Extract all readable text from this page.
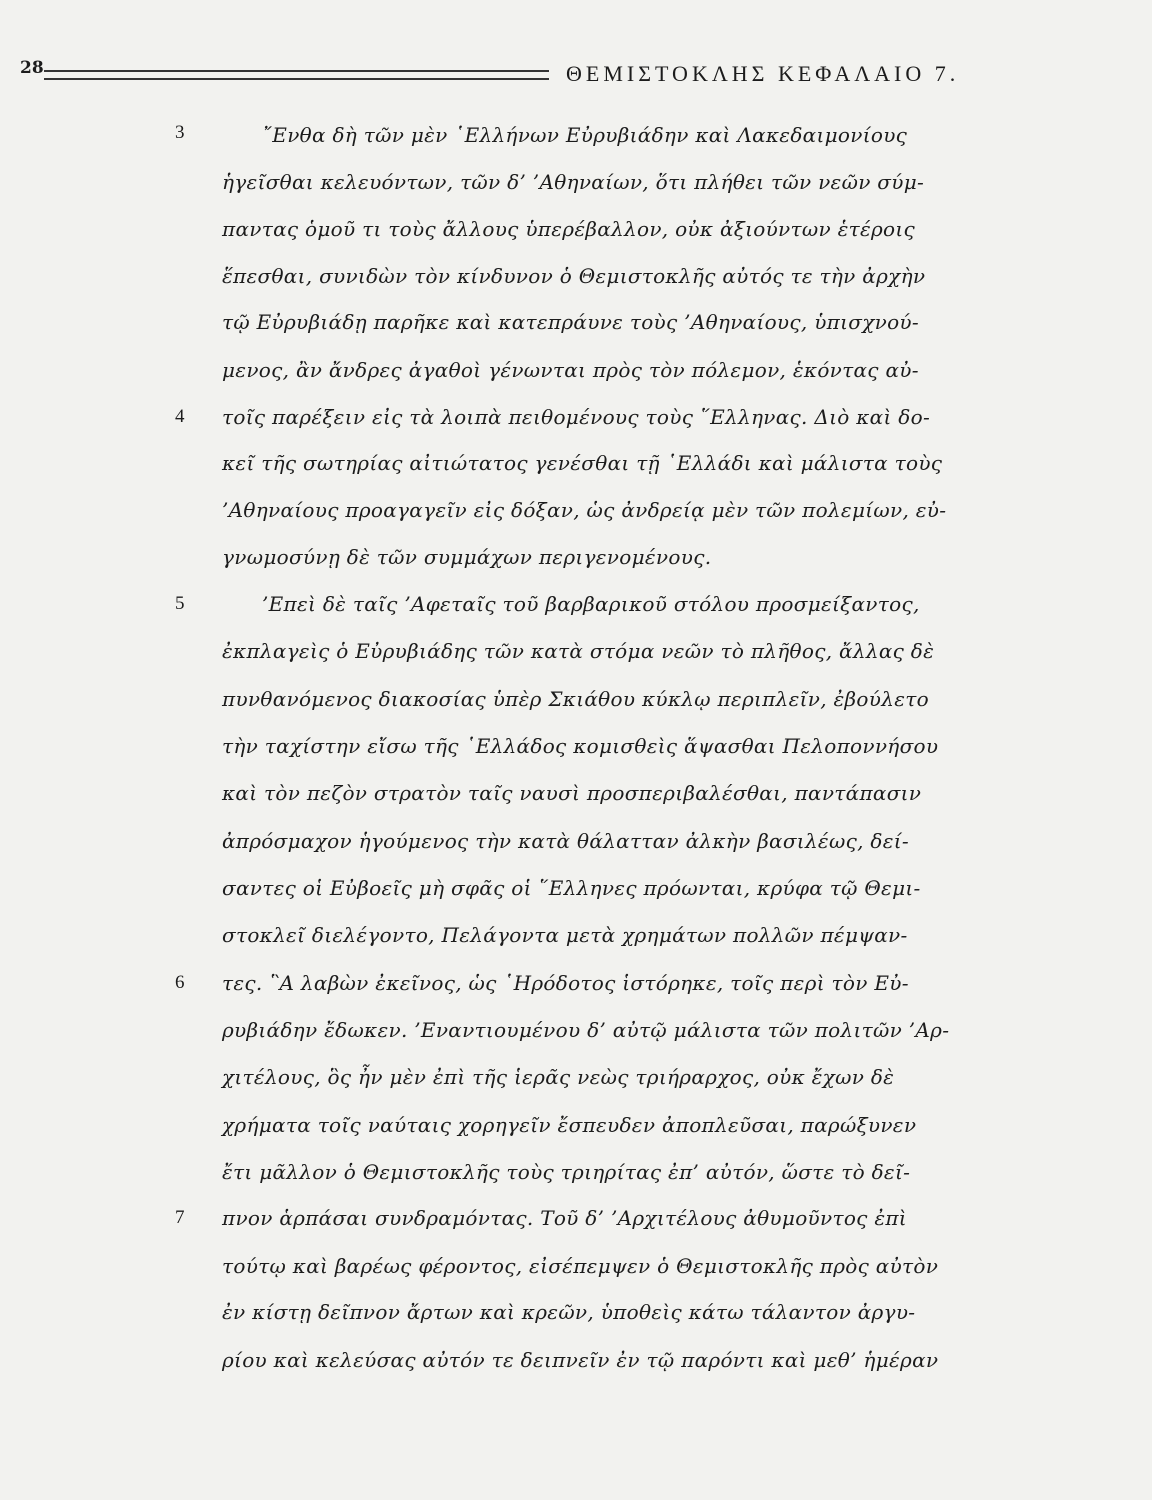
28	ΘΕΜΙΣΤΟΚΛΗΣ ΚΕΦΑΛΑΙΟ 7.
3
4
5
6
7
῎Ενθα δὴ τῶν μὲν ῾Ελλήνων Εὐρυβιάδην καὶ Λακεδαιμονίους
ἡγεῖσθαι κελευόντων, τῶν δ’ ’Αθηναίων, ὅτι πλήθει τῶν νεῶν σύμ-
παντας ὁμοῦ τι τοὺς ἄλλους ὑπερέβαλλον, οὐκ ἀξιούντων ἑτέροις
ἕπεσθαι, συνιδὼν τὸν κίνδυνον ὁ Θεμιστοκλῆς αὐτός τε τὴν ἀρχὴν
τῷ Εὐρυβιάδῃ παρῆκε καὶ κατεπράυνε τοὺς ’Αθηναίους, ὑπισχνού-
μενος, ἂν ἄνδρες ἀγαθοὶ γένωνται πρὸς τὸν πόλεμον, ἑκόντας αὐ-
τοῖς παρέξειν εἰς τὰ λοιπὰ πειθομένους τοὺς ῞Ελληνας. Διὸ καὶ δο-
κεῖ τῆς σωτηρίας αἰτιώτατος γενέσθαι τῇ ῾Ελλάδι καὶ μάλιστα τοὺς
’Αθηναίους προαγαγεῖν εἰς δόξαν, ὡς ἀνδρείᾳ μὲν τῶν πολεμίων, εὐ-
γνωμοσύνῃ δὲ τῶν συμμάχων περιγενομένους.
’Επεὶ δὲ ταῖς ’Αφεταῖς τοῦ βαρβαρικοῦ στόλου προσμείξαντος,
ἐκπλαγεὶς ὁ Εὐρυβιάδης τῶν κατὰ στόμα νεῶν τὸ πλῆθος, ἄλλας δὲ
πυνθανόμενος διακοσίας ὑπὲρ Σκιάθου κύκλῳ περιπλεῖν, ἐβούλετο
τὴν ταχίστην εἴσω τῆς ῾Ελλάδος κομισθεὶς ἅψασθαι Πελοποννήσου
καὶ τὸν πεζὸν στρατὸν ταῖς ναυσὶ προσπεριβαλέσθαι, παντάπασιν
ἀπρόσμαχον ἡγούμενος τὴν κατὰ θάλατταν ἀλκὴν βασιλέως, δεί-
σαντες οἱ Εὐβοεῖς μὴ σφᾶς οἱ ῞Ελληνες πρόωνται, κρύφα τῷ Θεμι-
στοκλεῖ διελέγοντο, Πελάγοντα μετὰ χρημάτων πολλῶν πέμψαν-
τες. ῝Α λαβὼν ἐκεῖνος, ὡς ῾Ηρόδοτος ἱστόρηκε, τοῖς περὶ τὸν Εὐ-
ρυβιάδην ἔδωκεν. ’Εναντιουμένου δ’ αὐτῷ μάλιστα τῶν πολιτῶν ’Αρ-
χιτέλους, ὃς ἦν μὲν ἐπὶ τῆς ἱερᾶς νεὼς τριήραρχος, οὐκ ἔχων δὲ
χρήματα τοῖς ναύταις χορηγεῖν ἔσπευδεν ἀποπλεῦσαι, παρώξυνεν
ἔτι μᾶλλον ὁ Θεμιστοκλῆς τοὺς τριηρίτας ἐπ’ αὐτόν, ὥστε τὸ δεῖ-
πνον ἁρπάσαι συνδραμόντας. Τοῦ δ’ ’Αρχιτέλους ἀθυμοῦντος ἐπὶ
τούτῳ καὶ βαρέως φέροντος, εἰσέπεμψεν ὁ Θεμιστοκλῆς πρὸς αὐτὸν
ἐν κίστῃ δεῖπνον ἄρτων καὶ κρεῶν, ὑποθεὶς κάτω τάλαντον ἀργυ-
ρίου καὶ κελεύσας αὐτόν τε δειπνεῖν ἐν τῷ παρόντι καὶ μεθ’ ἡμέραν
